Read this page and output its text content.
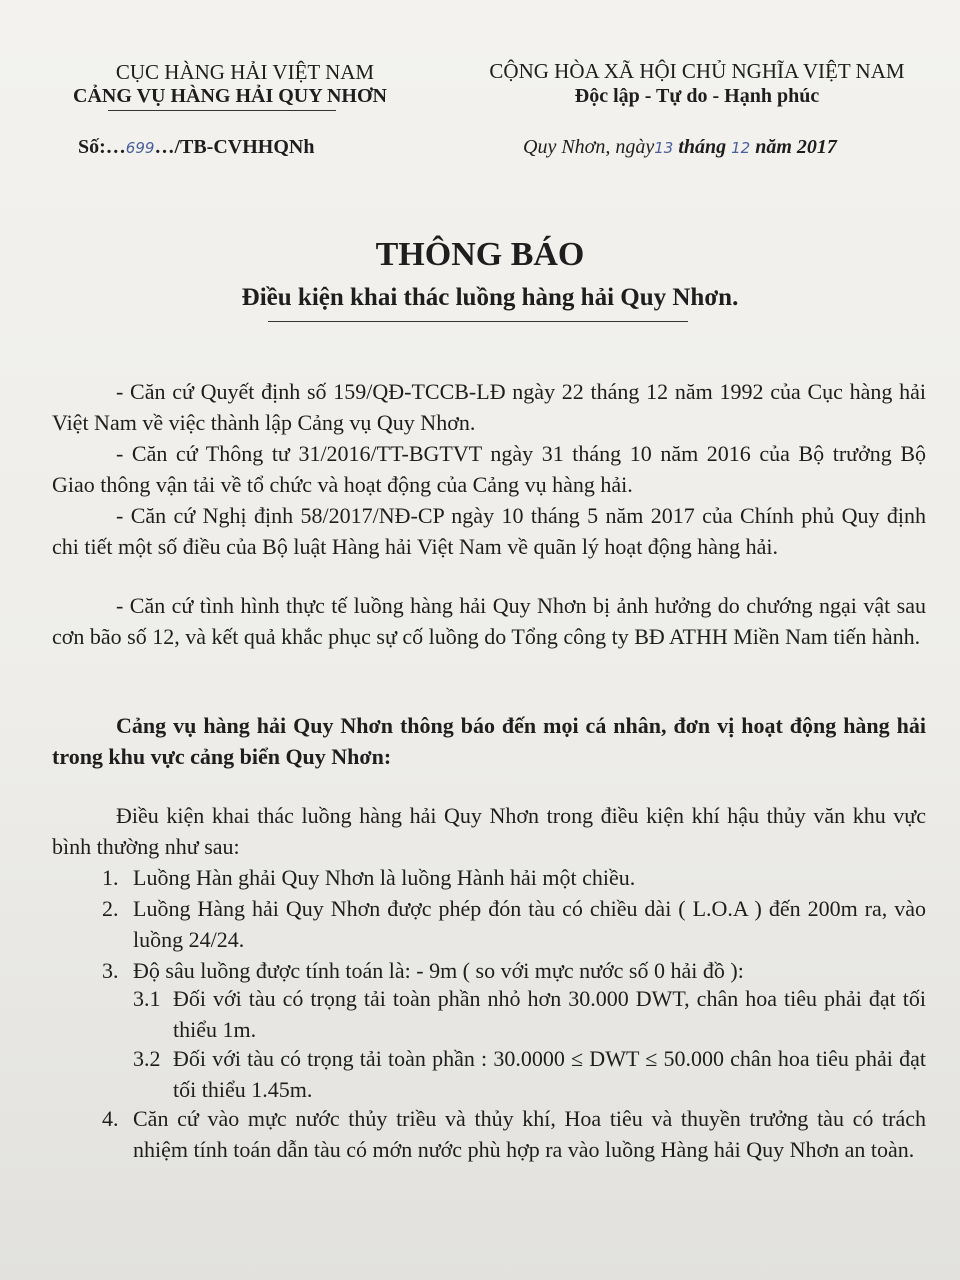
CỤC HÀNG HẢI VIỆT NAM
CẢNG VỤ HÀNG HẢI QUY NHƠN
CỘNG HÒA XÃ HỘI CHỦ NGHĨA VIỆT NAM
Độc lập - Tự do - Hạnh phúc
Số:…699…/TB-CVHHQNh	Quy Nhơn, ngày13 tháng 12 năm 2017
THÔNG BÁO
Điều kiện khai thác luồng hàng hải Quy Nhơn.
- Căn cứ Quyết định số 159/QĐ-TCCB-LĐ ngày 22 tháng 12 năm 1992 của Cục hàng hải Việt Nam về việc thành lập Cảng vụ Quy Nhơn.
- Căn cứ Thông tư 31/2016/TT-BGTVT ngày 31 tháng 10 năm 2016 của Bộ trưởng Bộ Giao thông vận tải về tổ chức và hoạt động của Cảng vụ hàng hải.
- Căn cứ Nghị định 58/2017/NĐ-CP ngày 10 tháng 5 năm 2017 của Chính phủ Quy định chi tiết một số điều của Bộ luật Hàng hải Việt Nam về quãn lý hoạt động hàng hải.
- Căn cứ tình hình thực tế luồng hàng hải Quy Nhơn bị ảnh hưởng do chướng ngại vật sau cơn bão số 12, và kết quả khắc phục sự cố luồng do Tổng công ty BĐ ATHH Miền Nam tiến hành.
Cảng vụ hàng hải Quy Nhơn thông báo đến mọi cá nhân, đơn vị hoạt động hàng hải trong khu vực cảng biển Quy Nhơn:
Điều kiện khai thác luồng hàng hải Quy Nhơn trong điều kiện khí hậu thủy văn khu vực bình thường như sau:
1. Luồng Hàn ghải Quy Nhơn là luồng Hành hải một chiều.
2. Luồng Hàng hải Quy Nhơn được phép đón tàu có chiều dài ( L.O.A ) đến 200m ra, vào luồng 24/24.
3. Độ sâu luồng được tính toán là: - 9m ( so với mực nước số 0 hải đồ ):
3.1 Đối với tàu có trọng tải toàn phần nhỏ hơn 30.000 DWT, chân hoa tiêu phải đạt tối thiểu 1m.
3.2 Đối với tàu có trọng tải toàn phần : 30.0000 ≤ DWT ≤ 50.000 chân hoa tiêu phải đạt tối thiểu 1.45m.
4. Căn cứ vào mực nước thủy triều và thủy khí, Hoa tiêu và thuyền trưởng tàu có trách nhiệm tính toán dẫn tàu có mớn nước phù hợp ra vào luồng Hàng hải Quy Nhơn an toàn.
